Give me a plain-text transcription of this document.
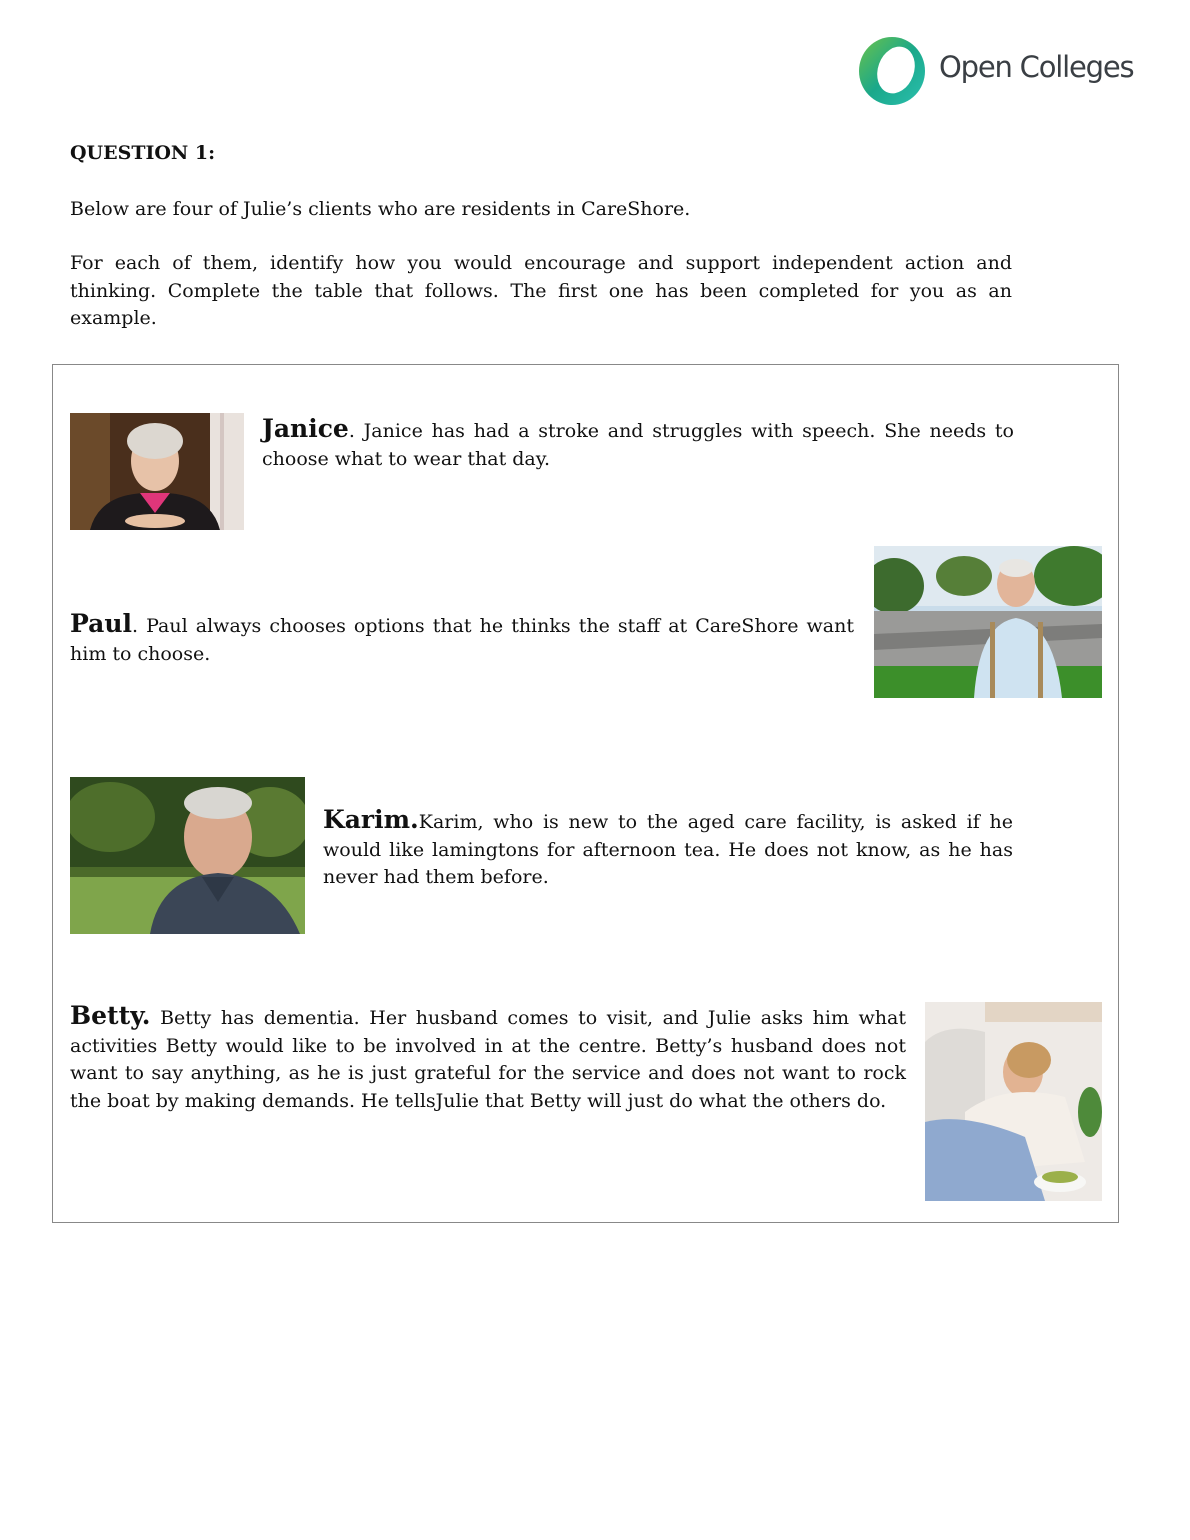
Open Colleges
QUESTION 1:
Below are four of Julie’s clients who are residents in CareShore.
For each of them, identify how you would encourage and support independent action and thinking. Complete the table that follows. The first one has been completed for you as an example.
Janice. Janice has had a stroke and struggles with speech. She needs to choose what to wear that day.
Paul. Paul always chooses options that he thinks the staff at CareShore want him to choose.
Karim.Karim, who is new to the aged care facility, is asked if he would like lamingtons for afternoon tea. He does not know, as he has never had them before.
Betty. Betty has dementia. Her husband comes to visit, and Julie asks him what activities Betty would like to be involved in at the centre. Betty’s husband does not want to say anything, as he is just grateful for the service and does not want to rock the boat by making demands. He tellsJulie that Betty will just do what the others do.
